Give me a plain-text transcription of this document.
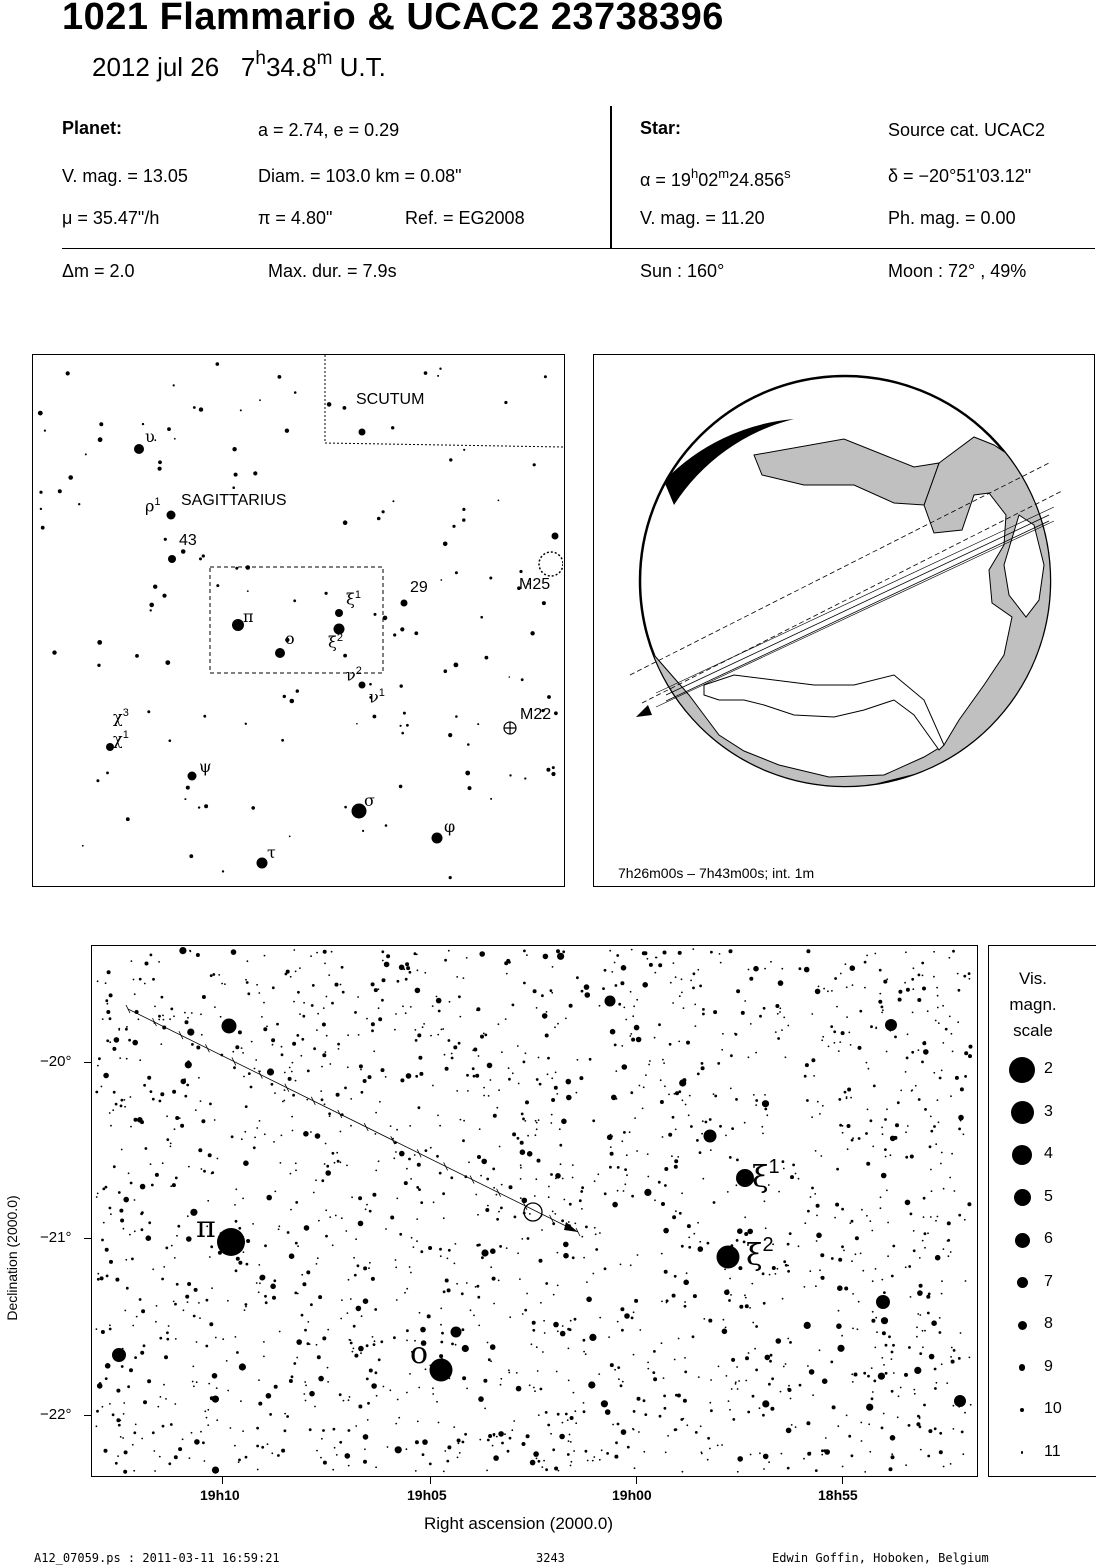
1021 Flammario & UCAC2 23738396
2012 jul 26 7$^h$34.8$^m$ U.T.
Planet:	a = 2.74, e = 0.29
V. mag. = 13.05	Diam. = 103.0 km = 0.08"
μ = 35.47"/h	π = 4.80"	Ref. = EG2008
Star:	Source cat. UCAC2
$\alpha = 19^h02^m24.856^s$	δ = −20°51'03.12"
V. mag. = 11.20	Ph. mag. = 0.00
Δm = 2.0	Max. dur. = 7.9s	Sun : 160°	Moon : 72° , 49%
SCUTUM
SAGITTARIUS
υ
$\rho^1$
43
$\xi^1$
π
o $\xi^2$
29	M25
$\nu^2$
$\nu^1$
$\chi^3$
$\chi^1$
M22
ψ
σ
φ
τ
7h26m00s – 7h43m00s; int. 1m
Declination (2000.0)	π
o
$\xi^1$
$\xi^2$
−20°
−21°
−22°
19h10	19h05	19h00	18h55
Right ascension (2000.0)
Vis.
magn.
scale
2
3
4
5
6
7
8
9
10
11
A12_07059.ps : 2011-03-11 16:59:21	3243	Edwin Goffin, Hoboken, Belgium
